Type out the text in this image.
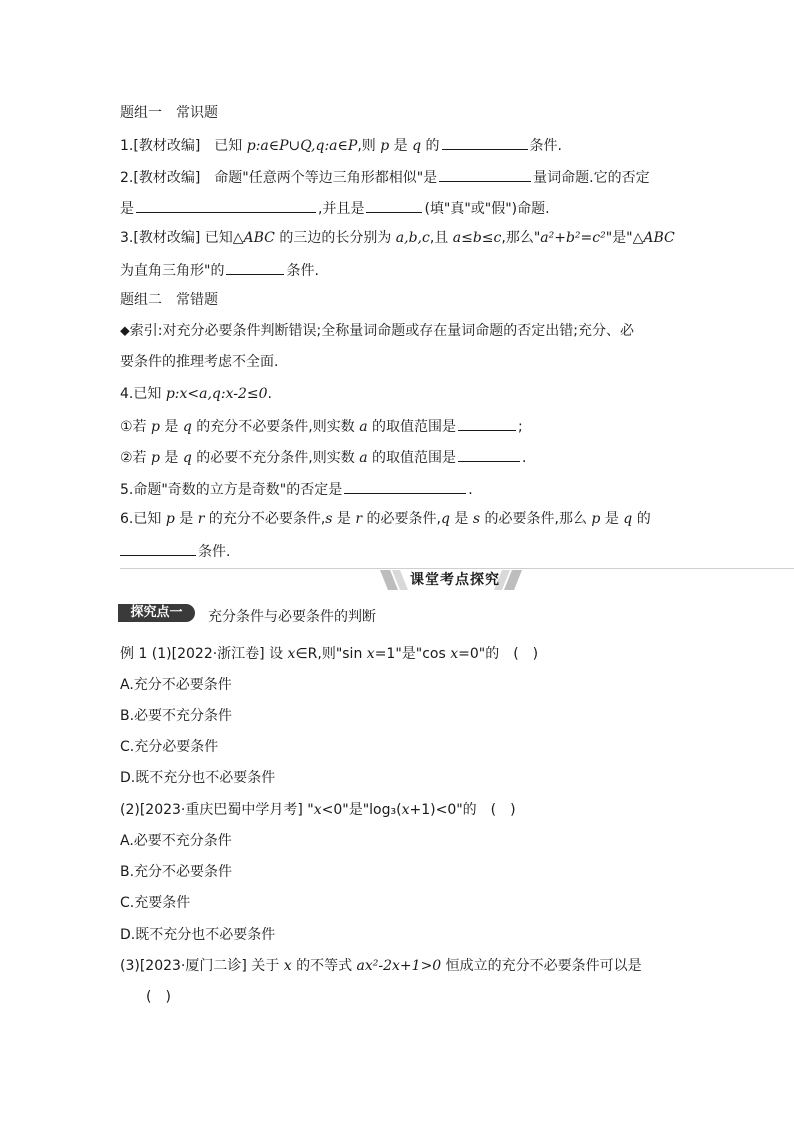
题组一　常识题
1.[教材改编]　已知 p:a∈P∪Q,q:a∈P,则 p 是 q 的	条件.
2.[教材改编]　命题"任意两个等边三角形都相似"是	量词命题.它的否定
是	,并且是	(填"真"或"假")命题.
3.[教材改编] 已知△ABC 的三边的长分别为 a,b,c,且 a≤b≤c,那么"a²+b²=c²"是"△ABC
为直角三角形"的	条件.
题组二　常错题
⬥索引:对充分必要条件判断错误;全称量词命题或存在量词命题的否定出错;充分、必
要条件的推理考虑不全面.
4.已知 p:x<a,q:x-2≤0.
①若 p 是 q 的充分不必要条件,则实数 a 的取值范围是	;
②若 p 是 q 的必要不充分条件,则实数 a 的取值范围是	.
5.命题"奇数的立方是奇数"的否定是	.
6.已知 p 是 r 的充分不必要条件,s 是 r 的必要条件,q 是 s 的必要条件,那么 p 是 q 的
条件.
课堂考点探究
探究点一	充分条件与必要条件的判断
例 1 (1)[2022·浙江卷] 设 x∈R,则"sin x=1"是"cos x=0"的　(　)
A.充分不必要条件
B.必要不充分条件
C.充分必要条件
D.既不充分也不必要条件
(2)[2023·重庆巴蜀中学月考] "x<0"是"log₃(x+1)<0"的　(　)
A.必要不充分条件
B.充分不必要条件
C.充要条件
D.既不充分也不必要条件
(3)[2023·厦门二诊] 关于 x 的不等式 ax²-2x+1>0 恒成立的充分不必要条件可以是
(　)
